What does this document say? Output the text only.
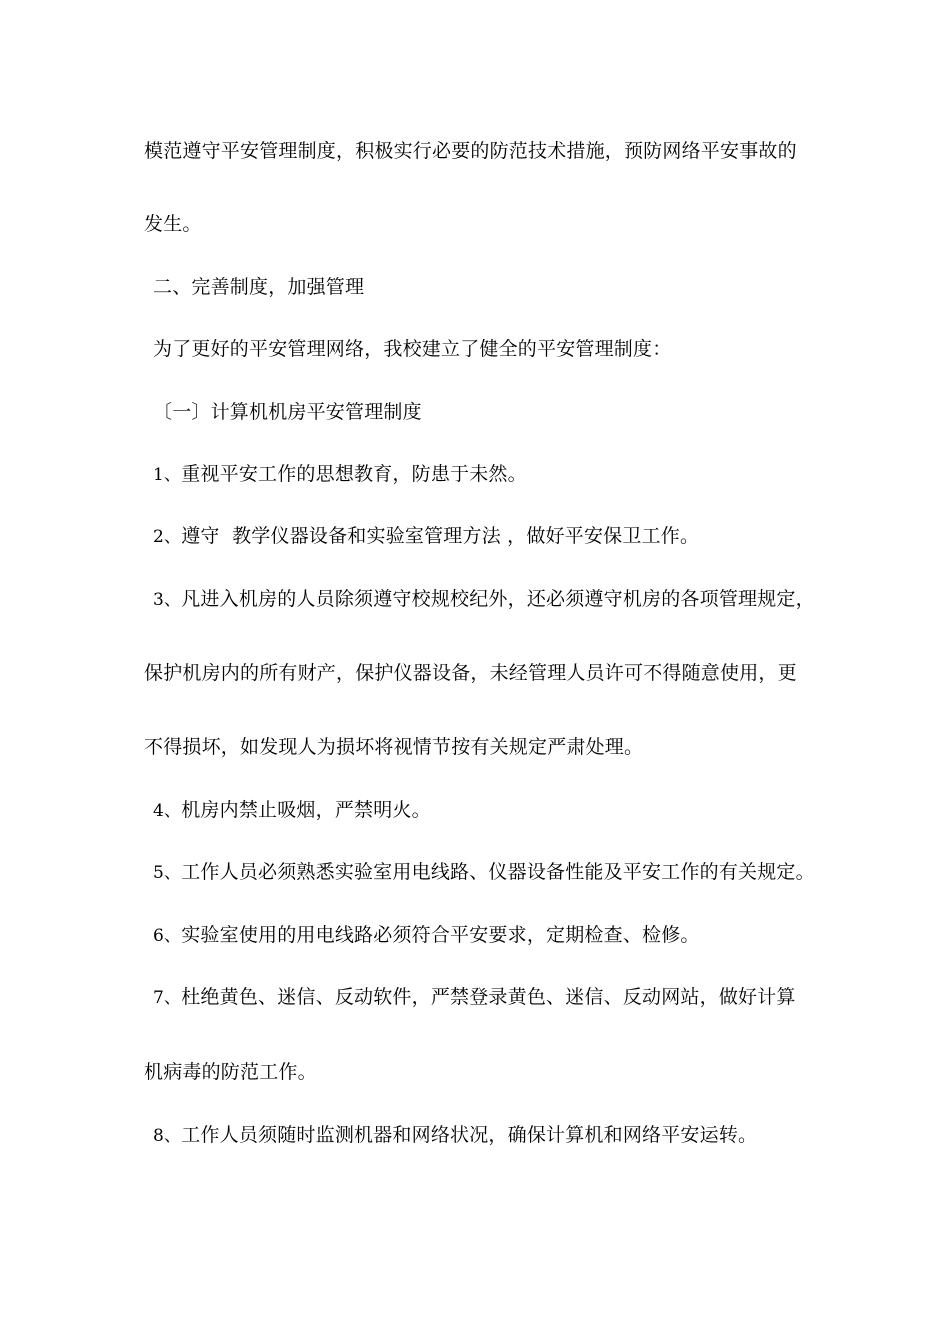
模范遵守平安管理制度，积极实行必要的防范技术措施，预防网络平安事故的
发生。
二、完善制度，加强管理
为了更好的平安管理网络，我校建立了健全的平安管理制度：
〔一〕计算机机房平安管理制度
1、重视平安工作的思想教育，防患于未然。
2、遵守  教学仪器设备和实验室管理方法 ，做好平安保卫工作。
3、凡进入机房的人员除须遵守校规校纪外，还必须遵守机房的各项管理规定，
保护机房内的所有财产，保护仪器设备，未经管理人员许可不得随意使用，更
不得损坏，如发现人为损坏将视情节按有关规定严肃处理。
4、机房内禁止吸烟，严禁明火。
5、工作人员必须熟悉实验室用电线路、仪器设备性能及平安工作的有关规定。
6、实验室使用的用电线路必须符合平安要求，定期检查、检修。
7、杜绝黄色、迷信、反动软件，严禁登录黄色、迷信、反动网站，做好计算
机病毒的防范工作。
8、工作人员须随时监测机器和网络状况，确保计算机和网络平安运转。
